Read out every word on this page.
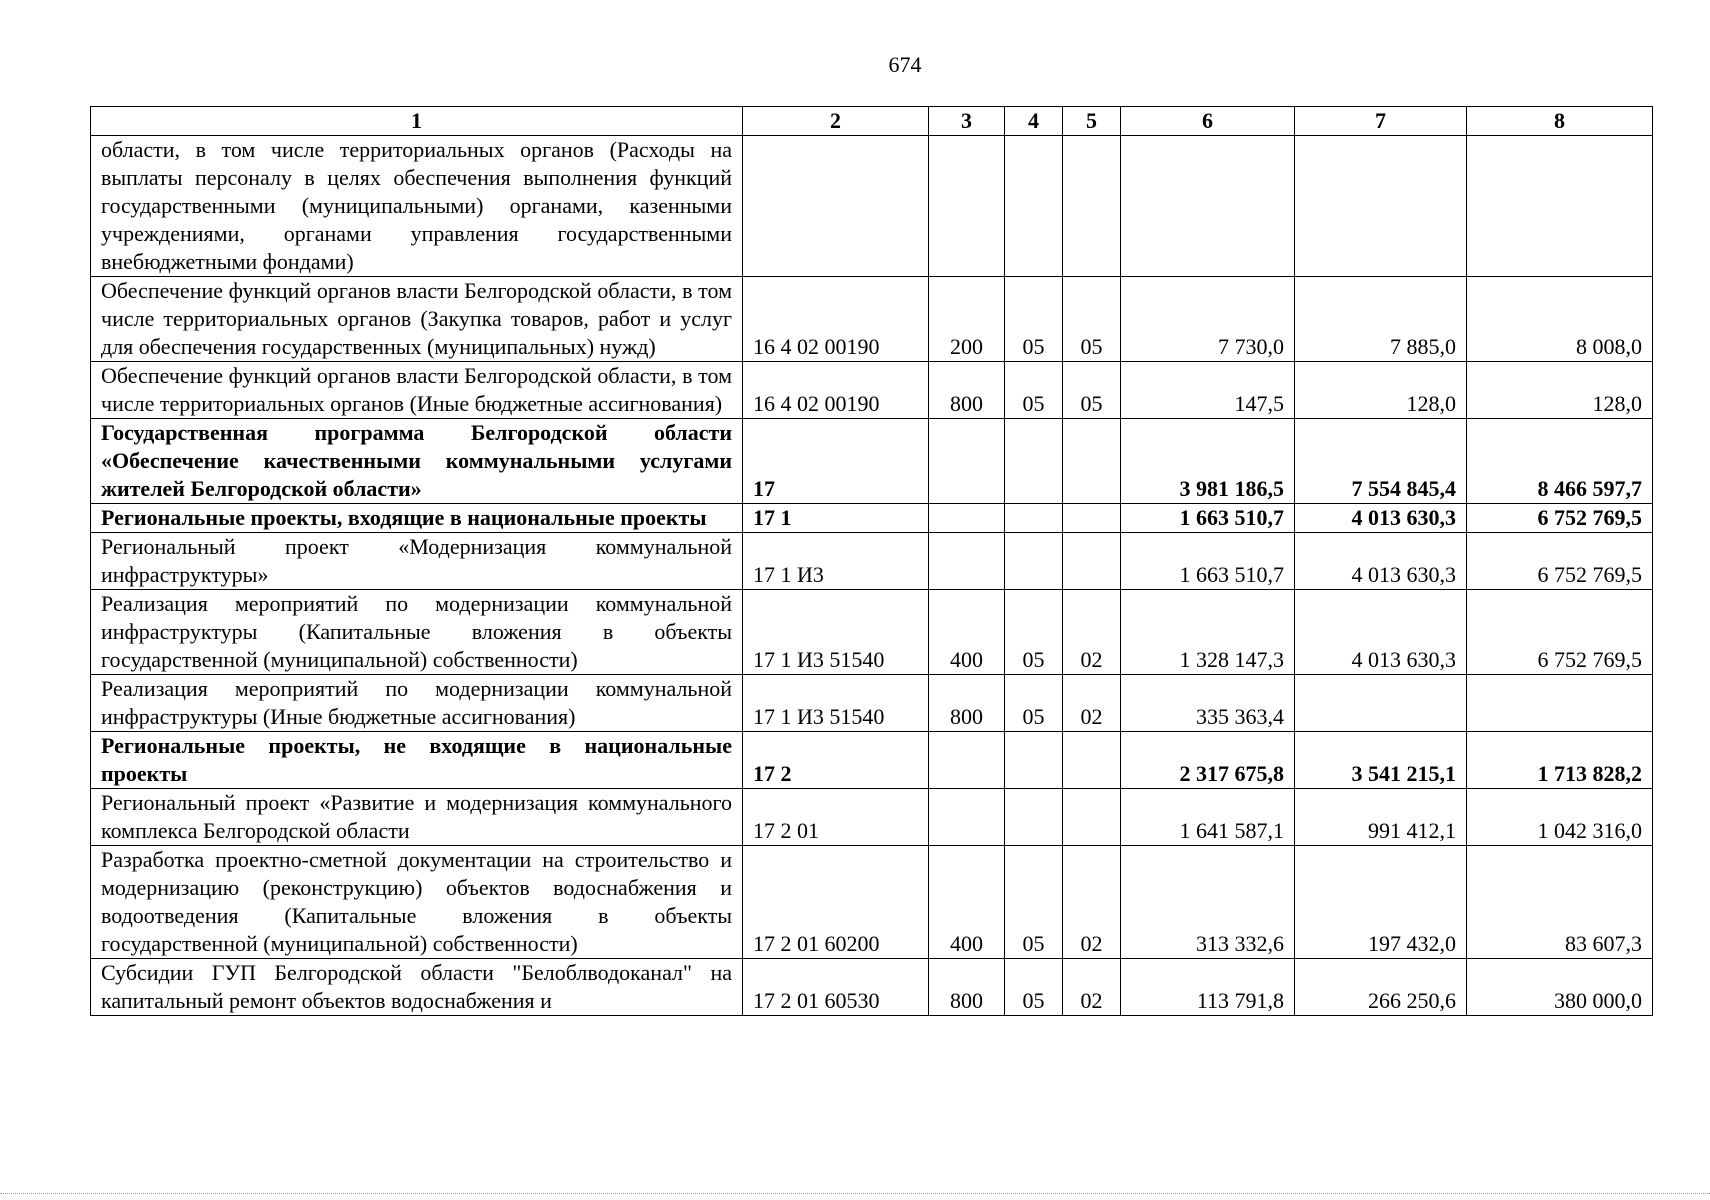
674
1	2	3	4	5	6	7	8
области, в том числе территориальных органов (Расходы на выплаты персоналу в целях обеспечения выполнения функций государственными (муниципальными) органами, казенными учреждениями, органами управления государственными внебюджетными фондами)							
Обеспечение функций органов власти Белгородской области, в том числе территориальных органов (Закупка товаров, работ и услуг для обеспечения государственных (муниципальных) нужд)	16 4 02 00190	200	05	05	7 730,0	7 885,0	8 008,0
Обеспечение функций органов власти Белгородской области, в том числе территориальных органов (Иные бюджетные ассигнования)	16 4 02 00190	800	05	05	147,5	128,0	128,0
Государственная программа Белгородской области «Обеспечение качественными коммунальными услугами жителей Белгородской области»	17				3 981 186,5	7 554 845,4	8 466 597,7
Региональные проекты, входящие в национальные проекты	17 1				1 663 510,7	4 013 630,3	6 752 769,5
Региональный проект «Модернизация коммунальной инфраструктуры»	17 1 И3				1 663 510,7	4 013 630,3	6 752 769,5
Реализация мероприятий по модернизации коммунальной инфраструктуры (Капитальные вложения в объекты государственной (муниципальной) собственности)	17 1 И3 51540	400	05	02	1 328 147,3	4 013 630,3	6 752 769,5
Реализация мероприятий по модернизации коммунальной инфраструктуры (Иные бюджетные ассигнования)	17 1 И3 51540	800	05	02	335 363,4		
Региональные проекты, не входящие в национальные проекты	17 2				2 317 675,8	3 541 215,1	1 713 828,2
Региональный проект «Развитие и модернизация коммунального комплекса Белгородской области	17 2 01				1 641 587,1	991 412,1	1 042 316,0
Разработка проектно-сметной документации на строительство и модернизацию (реконструкцию) объектов водоснабжения и водоотведения (Капитальные вложения в объекты государственной (муниципальной) собственности)	17 2 01 60200	400	05	02	313 332,6	197 432,0	83 607,3
Субсидии ГУП Белгородской области "Белоблводоканал" на капитальный ремонт объектов водоснабжения и	17 2 01 60530	800	05	02	113 791,8	266 250,6	380 000,0
